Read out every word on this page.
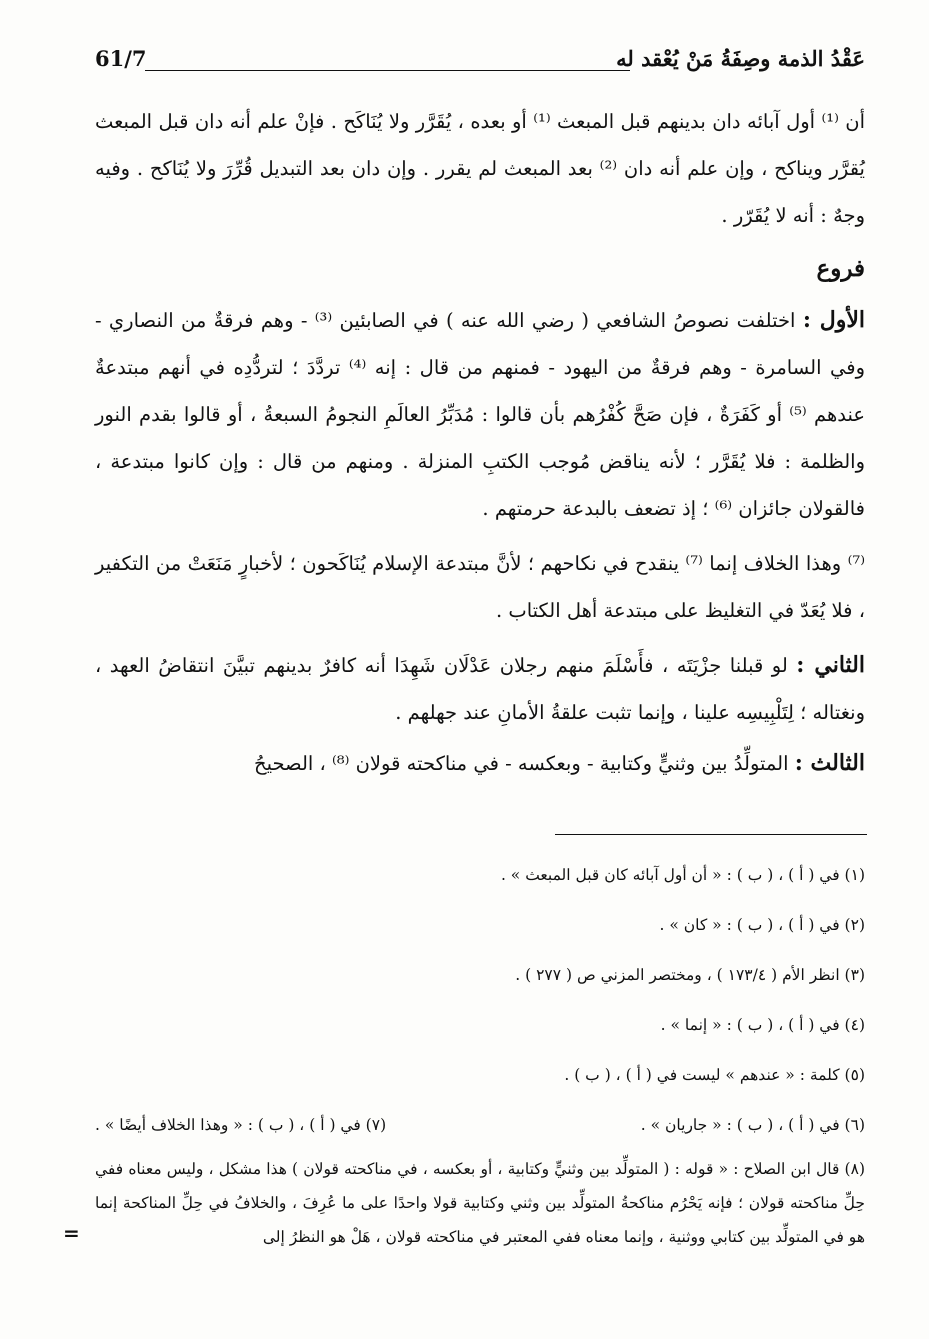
عَقْدُ الذمة وصِفَةُ مَنْ يُعْقد له
61/7

أن ⁽¹⁾ أول آبائه دان بدينهم قبل المبعث ⁽¹⁾ أو بعده ، يُقَرَّر ولا يُنَاكَح . فإنْ علم أنه دان قبل المبعث يُقرَّر ويناكح ، وإن علم أنه دان ⁽²⁾ بعد المبعث لم يقرر . وإن دان بعد التبديل قُرِّرَ ولا يُنَاكح . وفيه وجهٌ : أنه لا يُقَرّر .

فروع

الأول : اختلفت نصوصُ الشافعي ( رضي الله عنه ) في الصابئين ⁽³⁾ - وهم فرقةٌ من النصاري - وفي السامرة - وهم فرقةٌ من اليهود - فمنهم من قال : إنه ⁽⁴⁾ تردَّدَ ؛ لتردُّدِه في أنهم مبتدعةٌ عندهم ⁽⁵⁾ أو كَفَرَةٌ ، فإن صَحَّ كُفْرُهم بأن قالوا : مُدَبِّرُ العالَمِ النجومُ السبعةُ ، أو قالوا بقدم النور والظلمة : فلا يُقَرَّر ؛ لأنه يناقض مُوجب الكتبِ المنزلة . ومنهم من قال : وإن كانوا مبتدعة ، فالقولان جائزان ⁽⁶⁾ ؛ إذ تضعف بالبدعة حرمتهم .

⁽⁷⁾ وهذا الخلاف إنما ⁽⁷⁾ ينقدح في نكاحهم ؛ لأنَّ مبتدعة الإسلام يُنَاكَحون ؛ لأخبارٍ مَنَعَتْ من التكفير ، فلا يُعَدّ في التغليظ على مبتدعة أهل الكتاب .

الثاني : لو قبلنا جزْيَتَه ، فأَسْلَمَ منهم رجلان عَدْلَان شَهِدَا أنه كافرٌ بدينهم تبيَّنَ انتقاضُ العهد ، ونغتاله ؛ لِتَلْبِيسِه علينا ، وإنما تثبت علقةُ الأمانِ عند جهلهم .

الثالث : المتولِّدُ بين وثنيٍّ وكتابية - وبعكسه - في مناكحته قولان ⁽⁸⁾ ، الصحيحُ

(١) في ( أ ) ، ( ب ) : « أن أول آبائه كان قبل المبعث » .
(٢) في ( أ ) ، ( ب ) : « كان » .
(٣) انظر الأم ( ١٧٣/٤ ) ، ومختصر المزني ص ( ٢٧٧ ) .
(٤) في ( أ ) ، ( ب ) : « إنما » .
(٥) كلمة : « عندهم » ليست في ( أ ) ، ( ب ) .
(٦) في ( أ ) ، ( ب ) : « جاريان » .
(٧) في ( أ ) ، ( ب ) : « وهذا الخلاف أيضًا » .
(٨) قال ابن الصلاح : « قوله : ( المتولِّد بين وثنيٍّ وكتابية ، أو بعكسه ، في مناكحته قولان ) هذا مشكل ، وليس معناه ففي حِلِّ مناكحته قولان ؛ فإنه يَحْرُم مناكحةُ المتولِّد بين وثني وكتابية قولا واحدًا على ما عُرِفَ ، والخلافُ في حِلِّ المناكحة إنما هو في المتولِّد بين كتابي ووثنية ، وإنما معناه ففي المعتبر في مناكحته قولان ، هَلْ هو النظرُ إلى
=
